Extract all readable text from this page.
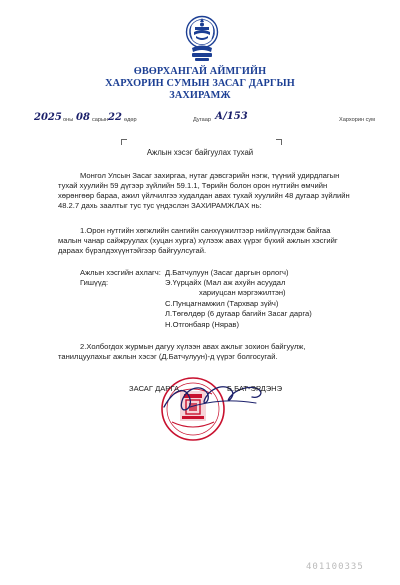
ӨВӨРХАНГАЙ АЙМГИЙН
ХАРХОРИН СУМЫН ЗАСАГ ДАРГЫН
ЗАХИРАМЖ
2025 оны 08 сарын 22 өдөр	Дугаар А/153	Хархорин сум
Ажлын хэсэг байгуулах тухай
Монгол Улсын Засаг захиргаа, нутаг дэвсгэрийн нэгж, түүний удирдлагын
тухай хуулийн 59 дүгээр зүйлийн 59.1.1, Төрийн болон орон нутгийн өмчийн
хөрөнгөөр бараа, ажил үйлчилгээ худалдан авах тухай хуулийн 48 дугаар зүйлийн
48.2.7 дахь заалтыг тус тус үндэслэн ЗАХИРАМЖЛАХ нь:
1.Орон нутгийн хөгжлийн сангийн санхүүжилтээр нийлүүлэгдэж байгаа
малын чанар сайжруулах (хуцан хурга) хүлээж авах үүрэг бүхий ажлын хэсгийг
дараах бүрэлдэхүүнтэйгээр байгуулсугай.
Ажлын хэсгийн ахлагч: Д.Батчулуун (Засаг даргын орлогч)
Гишүүд:	Э.Үүрцайх (Мал аж ахуйн асуудал
хариуцсан мэргэжилтэн)
С.Пунцагнамжил (Тархвар зүйч)
Л.Төгөлдөр (6 дугаар багийн Засаг дарга)
Н.Отгонбаяр (Нярав)
2.Холбогдох журмын дагуу хүлээн авах ажлыг зохион байгуулж,
танилцуулахыг ажлын хэсэг (Д.Батчулуун)-д үүрэг болгосугай.
ЗАСАГ ДАРГА	Б.БАТ-ЭРДЭНЭ
401100335
